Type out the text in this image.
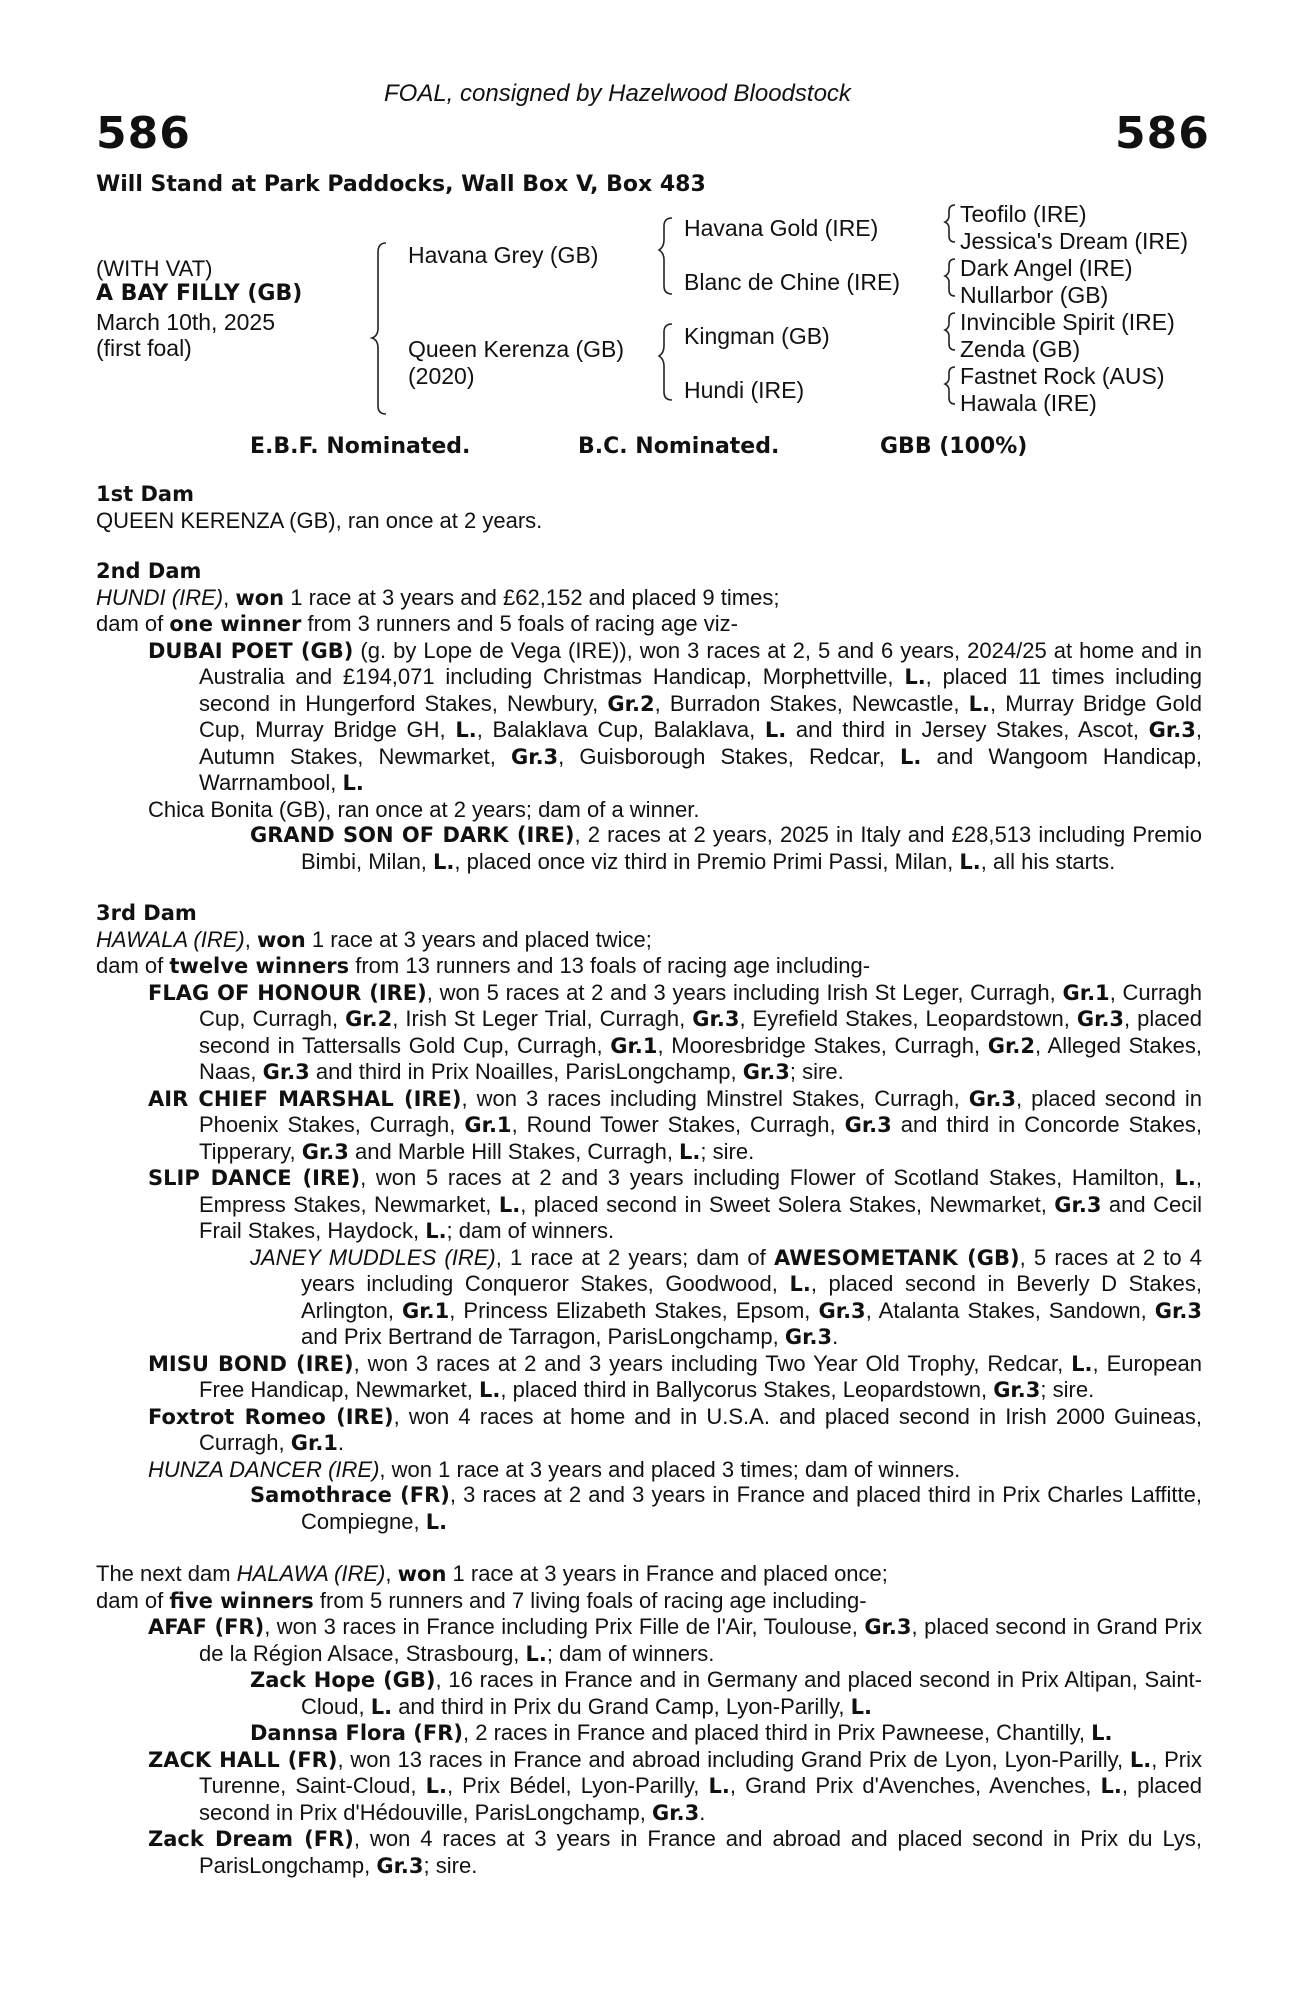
FOAL, consigned by Hazelwood Bloodstock
586	586
Will Stand at Park Paddocks, Wall Box V, Box 483
(WITH VAT)
A BAY FILLY (GB)
March 10th, 2025
(first foal)
Havana Grey (GB)
Queen Kerenza (GB)
(2020)
Havana Gold (IRE)
Blanc de Chine (IRE)
Kingman (GB)
Hundi (IRE)
Teofilo (IRE)
Jessica's Dream (IRE)
Dark Angel (IRE)
Nullarbor (GB)
Invincible Spirit (IRE)
Zenda (GB)
Fastnet Rock (AUS)
Hawala (IRE)
E.B.F. Nominated.	B.C. Nominated.	GBB (100%)
1st Dam
QUEEN KERENZA (GB), ran once at 2 years.
2nd Dam
HUNDI (IRE), won 1 race at 3 years and £62,152 and placed 9 times;
dam of one winner from 3 runners and 5 foals of racing age viz-
DUBAI POET (GB) (g. by Lope de Vega (IRE)), won 3 races at 2, 5 and 6 years, 2024/25 at home and in Australia and £194,071 including Christmas Handicap, Morphettville, L., placed 11 times including second in Hungerford Stakes, Newbury, Gr.2, Burradon Stakes, Newcastle, L., Murray Bridge Gold Cup, Murray Bridge GH, L., Balaklava Cup, Balaklava, L. and third in Jersey Stakes, Ascot, Gr.3, Autumn Stakes, Newmarket, Gr.3, Guisborough Stakes, Redcar, L. and Wangoom Handicap, Warrnambool, L.
Chica Bonita (GB), ran once at 2 years; dam of a winner.
GRAND SON OF DARK (IRE), 2 races at 2 years, 2025 in Italy and £28,513 including Premio Bimbi, Milan, L., placed once viz third in Premio Primi Passi, Milan, L., all his starts.
3rd Dam
HAWALA (IRE), won 1 race at 3 years and placed twice;
dam of twelve winners from 13 runners and 13 foals of racing age including-
FLAG OF HONOUR (IRE), won 5 races at 2 and 3 years including Irish St Leger, Curragh, Gr.1, Curragh Cup, Curragh, Gr.2, Irish St Leger Trial, Curragh, Gr.3, Eyrefield Stakes, Leopardstown, Gr.3, placed second in Tattersalls Gold Cup, Curragh, Gr.1, Mooresbridge Stakes, Curragh, Gr.2, Alleged Stakes, Naas, Gr.3 and third in Prix Noailles, ParisLongchamp, Gr.3; sire.
AIR CHIEF MARSHAL (IRE), won 3 races including Minstrel Stakes, Curragh, Gr.3, placed second in Phoenix Stakes, Curragh, Gr.1, Round Tower Stakes, Curragh, Gr.3 and third in Concorde Stakes, Tipperary, Gr.3 and Marble Hill Stakes, Curragh, L.; sire.
SLIP DANCE (IRE), won 5 races at 2 and 3 years including Flower of Scotland Stakes, Hamilton, L., Empress Stakes, Newmarket, L., placed second in Sweet Solera Stakes, Newmarket, Gr.3 and Cecil Frail Stakes, Haydock, L.; dam of winners.
JANEY MUDDLES (IRE), 1 race at 2 years; dam of AWESOMETANK (GB), 5 races at 2 to 4 years including Conqueror Stakes, Goodwood, L., placed second in Beverly D Stakes, Arlington, Gr.1, Princess Elizabeth Stakes, Epsom, Gr.3, Atalanta Stakes, Sandown, Gr.3 and Prix Bertrand de Tarragon, ParisLongchamp, Gr.3.
MISU BOND (IRE), won 3 races at 2 and 3 years including Two Year Old Trophy, Redcar, L., European Free Handicap, Newmarket, L., placed third in Ballycorus Stakes, Leopardstown, Gr.3; sire.
Foxtrot Romeo (IRE), won 4 races at home and in U.S.A. and placed second in Irish 2000 Guineas, Curragh, Gr.1.
HUNZA DANCER (IRE), won 1 race at 3 years and placed 3 times; dam of winners.
Samothrace (FR), 3 races at 2 and 3 years in France and placed third in Prix Charles Laffitte, Compiegne, L.
The next dam HALAWA (IRE), won 1 race at 3 years in France and placed once;
dam of five winners from 5 runners and 7 living foals of racing age including-
AFAF (FR), won 3 races in France including Prix Fille de l'Air, Toulouse, Gr.3, placed second in Grand Prix de la Région Alsace, Strasbourg, L.; dam of winners.
Zack Hope (GB), 16 races in France and in Germany and placed second in Prix Altipan, Saint-Cloud, L. and third in Prix du Grand Camp, Lyon-Parilly, L.
Dannsa Flora (FR), 2 races in France and placed third in Prix Pawneese, Chantilly, L.
ZACK HALL (FR), won 13 races in France and abroad including Grand Prix de Lyon, Lyon-Parilly, L., Prix Turenne, Saint-Cloud, L., Prix Bédel, Lyon-Parilly, L., Grand Prix d'Avenches, Avenches, L., placed second in Prix d'Hédouville, ParisLongchamp, Gr.3.
Zack Dream (FR), won 4 races at 3 years in France and abroad and placed second in Prix du Lys, ParisLongchamp, Gr.3; sire.
